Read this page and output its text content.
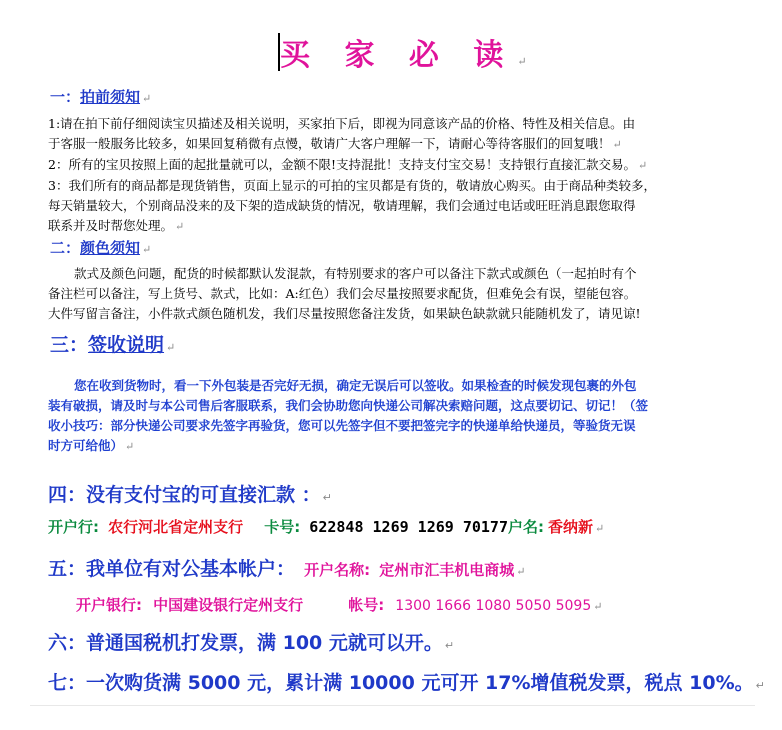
买 家 必 读 ↵
一：拍前须知 ↵
1:请在拍下前仔细阅读宝贝描述及相关说明，买家拍下后，即视为同意该产品的价格、特性及相关信息。由
于客服一般服务比较多，如果回复稍微有点慢，敬请广大客户理解一下，请耐心等待客服们的回复哦！ ↵
2：所有的宝贝按照上面的起批量就可以，金额不限!支持混批！支持支付宝交易！支持银行直接汇款交易。 ↵
3：我们所有的商品都是现货销售，页面上显示的可拍的宝贝都是有货的，敬请放心购买。由于商品种类较多，
每天销量较大，个别商品没来的及下架的造成缺货的情况，敬请理解，我们会通过电话或旺旺消息跟您取得
联系并及时帮您处理。 ↵
二：颜色须知 ↵
款式及颜色问题，配货的时候都默认发混款，有特别要求的客户可以备注下款式或颜色（一起拍时有个
备注栏可以备注，写上货号、款式，比如：A:红色）我们会尽量按照要求配货，但难免会有误，望能包容。
大件写留言备注，小件款式颜色随机发，我们尽量按照您备注发货，如果缺色缺款就只能随机发了，请见谅!
三：签收说明 ↵
您在收到货物时，看一下外包装是否完好无损，确定无误后可以签收。如果检查的时候发现包裹的外包
装有破损，请及时与本公司售后客服联系，我们会协助您向快递公司解决索赔问题，这点要切记、切记！（签
收小技巧：部分快递公司要求先签字再验货，您可以先签字但不要把签完字的快递单给快递员，等验货无误
时方可给他） ↵
四：没有支付宝的可直接汇款 ： ↵
开户行: 农行河北省定州支行 卡号: 622848 1269 1269 70177户名: 香纳新 ↵
五：我单位有对公基本帐户： 开户名称: 定州市汇丰机电商城 ↵
开户银行: 中国建设银行定州支行	帐号: 1300 1666 1080 5050 5095 ↵
六：普通国税机打发票，满 100 元就可以开。 ↵
七：一次购货满 5000 元，累计满 10000 元可开 17%增值税发票，税点 10%。 ↵
